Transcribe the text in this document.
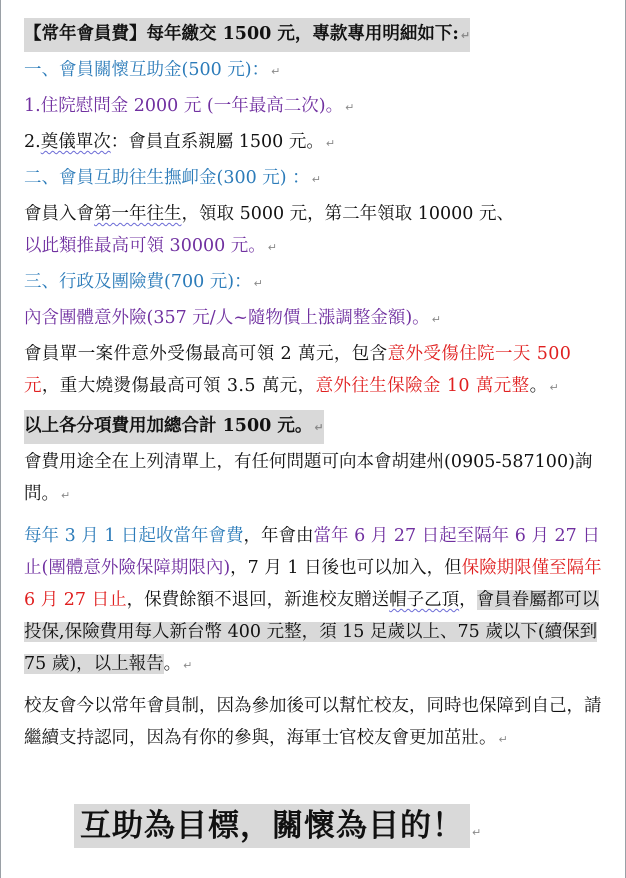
【常年會員費】每年繳交 1500 元，專款專用明細如下: ↵

一、會員關懷互助金(500 元)： ↵

1.住院慰問金 2000 元 (一年最高二次)。 ↵

2.奠儀單次：會員直系親屬 1500 元。 ↵

二、會員互助往生撫卹金(300 元) ： ↵

會員入會第一年往生，領取 5000 元，第二年領取 10000 元、

以此類推最高可領 30000 元。 ↵

三、行政及團險費(700 元)： ↵

內含團體意外險(357 元/人~隨物價上漲調整金額)。 ↵

會員單一案件意外受傷最高可領 2 萬元，包含意外受傷住院一天 500 元，重大燒燙傷最高可領 3.5 萬元，意外往生保險金 10 萬元整。 ↵

以上各分項費用加總合計 1500 元。 ↵

會費用途全在上列清單上，有任何問題可向本會胡建州(0905-587100)詢問。 ↵

每年 3 月 1 日起收當年會費，年會由當年 6 月 27 日起至隔年 6 月 27 日止(團體意外險保障期限內)，7 月 1 日後也可以加入，但保險期限僅至隔年 6 月 27 日止，保費餘額不退回，新進校友贈送帽子乙頂，會員眷屬都可以投保,保險費用每人新台幣 400 元整，須 15 足歲以上、75 歲以下(續保到 75 歲)，以上報告。 ↵

校友會今以常年會員制，因為參加後可以幫忙校友，同時也保障到自己，請繼續支持認同，因為有你的參與，海軍士官校友會更加茁壯。 ↵

互助為目標，關懷為目的！ ↵
